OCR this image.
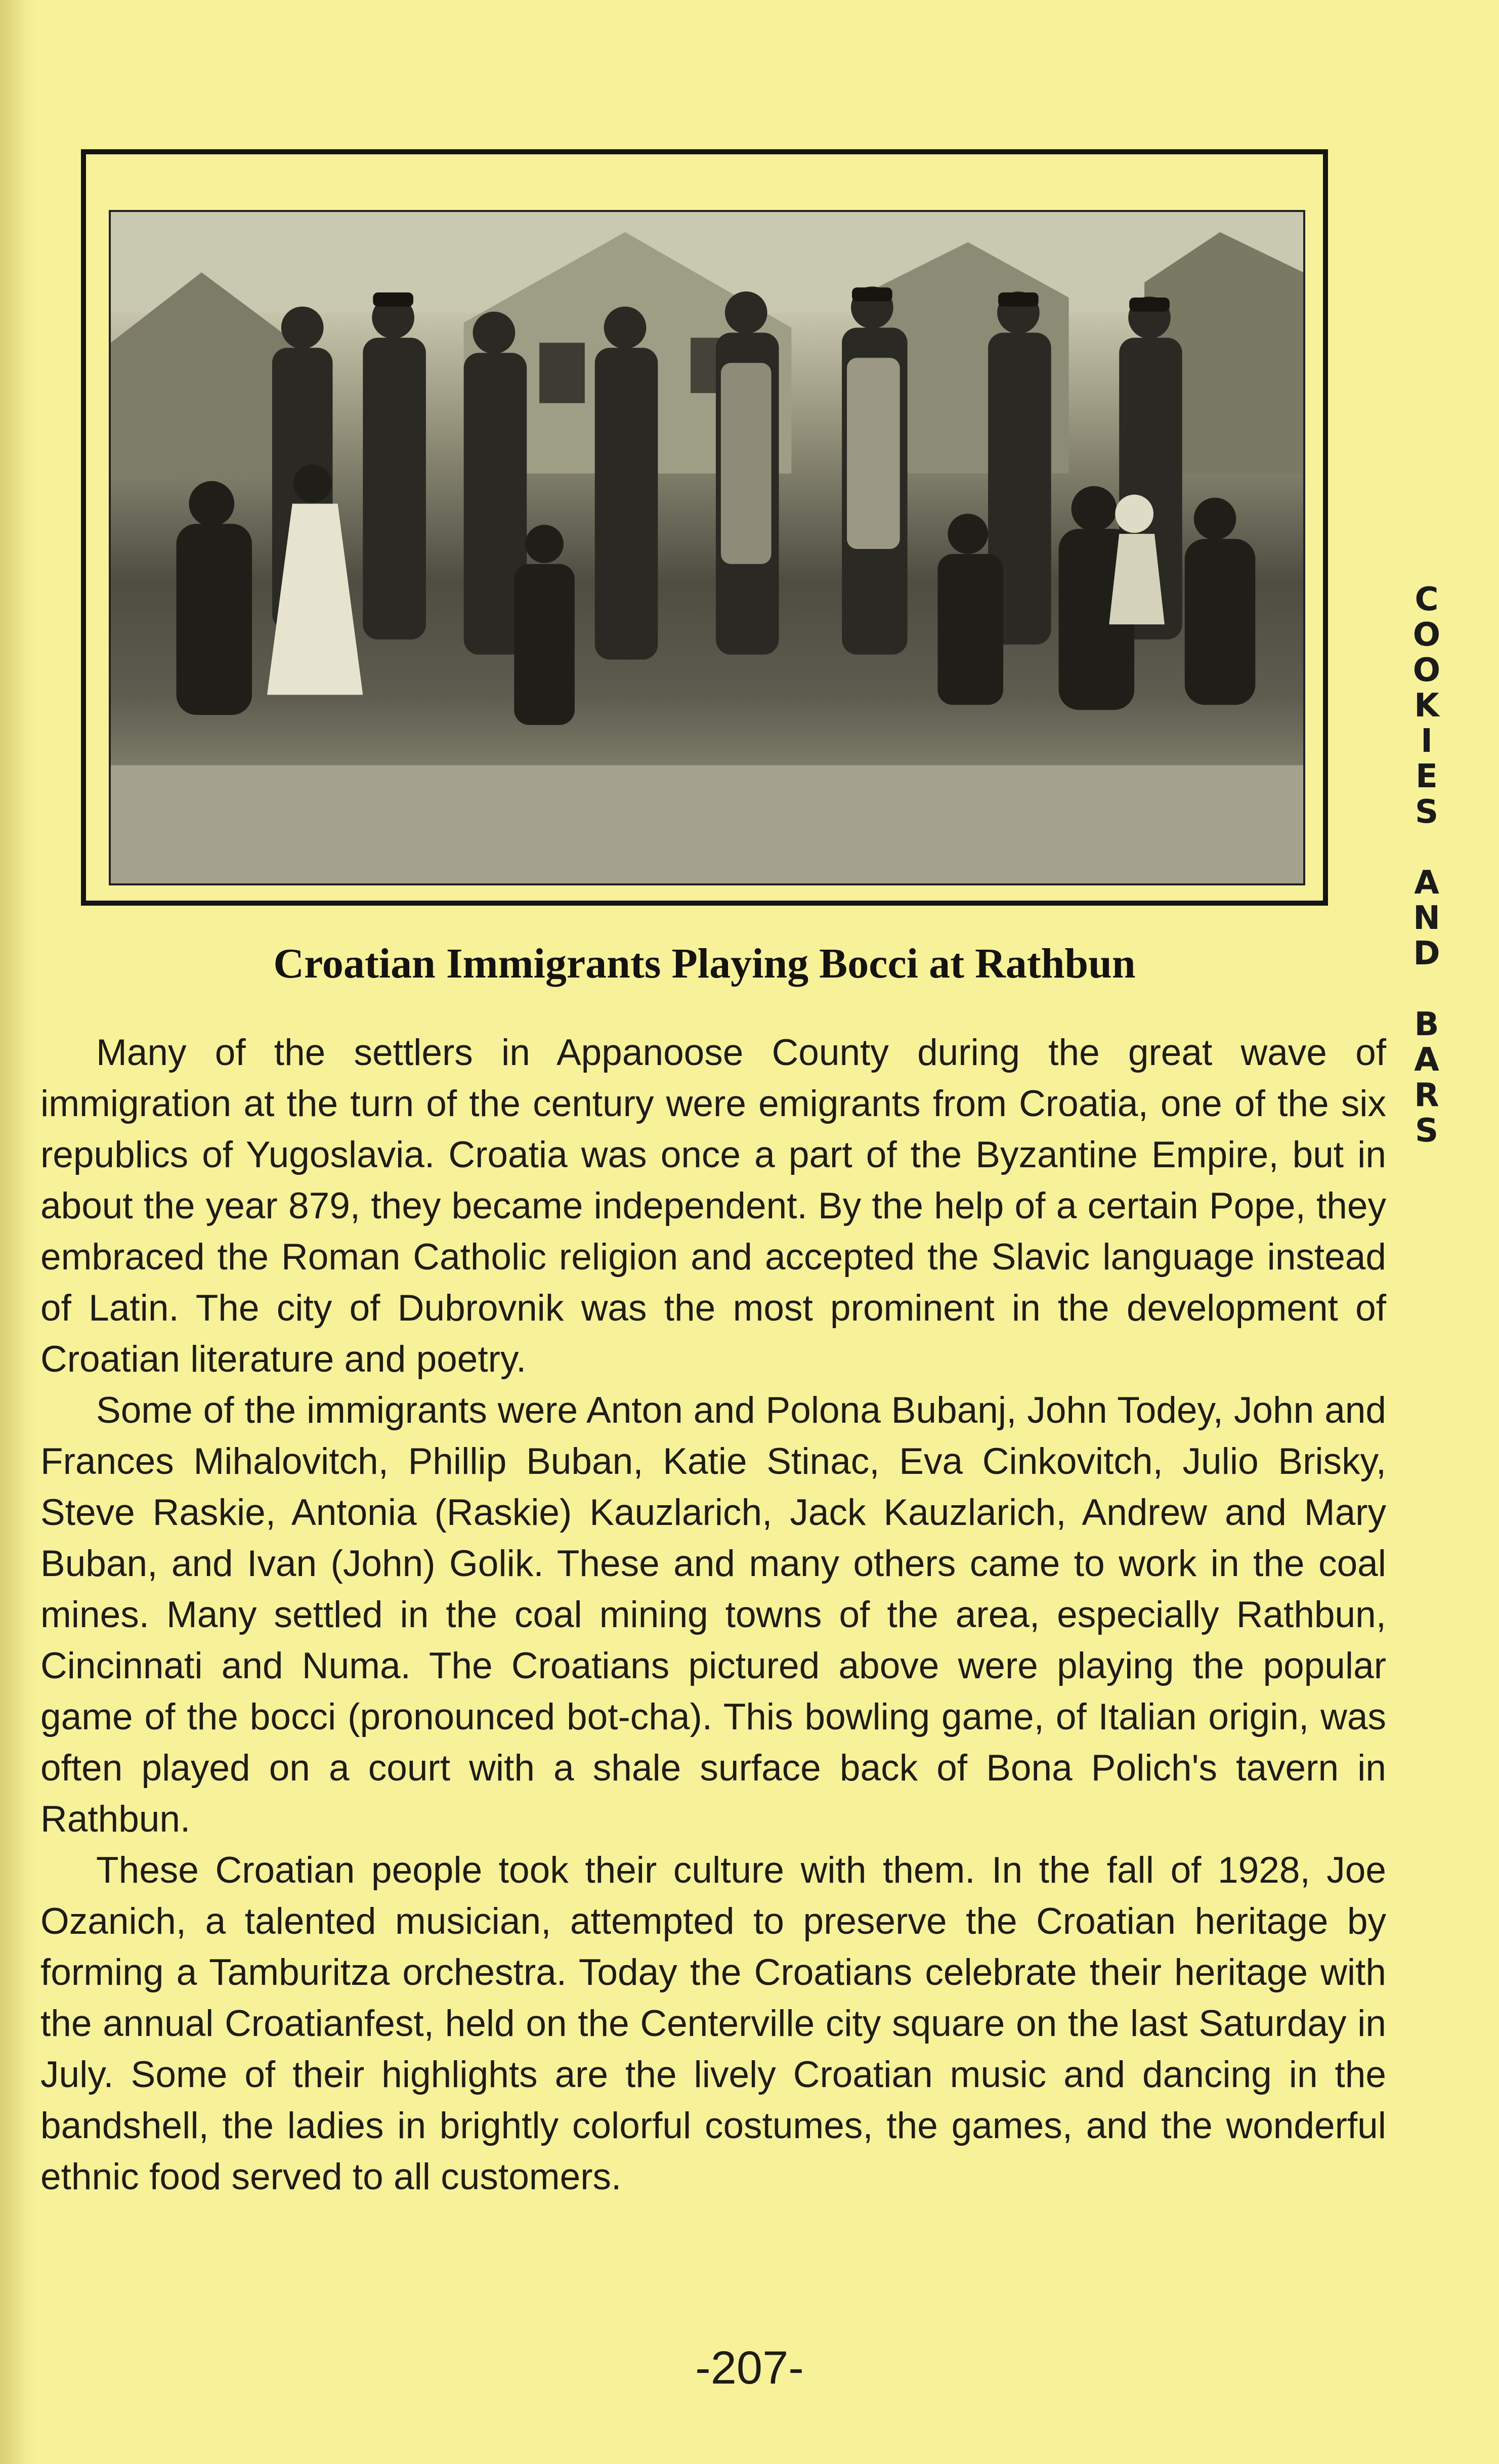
Croatian Immigrants Playing Bocci at Rathbun
C
O
O
K
I
E
S
A
N
D
B
A
R
S

Many of the settlers in Appanoose County during the great wave of immigration at the turn of the century were emigrants from Croatia, one of the six republics of Yugoslavia. Croatia was once a part of the Byzantine Empire, but in about the year 879, they became independent. By the help of a certain Pope, they embraced the Roman Catholic religion and accepted the Slavic language instead of Latin. The city of Dubrovnik was the most prominent in the development of Croatian literature and poetry.

Some of the immigrants were Anton and Polona Bubanj, John Todey, John and Frances Mihalovitch, Phillip Buban, Katie Stinac, Eva Cinkovitch, Julio Brisky, Steve Raskie, Antonia (Raskie) Kauzlarich, Jack Kauzlarich, Andrew and Mary Buban, and Ivan (John) Golik. These and many others came to work in the coal mines. Many settled in the coal mining towns of the area, especially Rathbun, Cincinnati and Numa. The Croatians pictured above were playing the popular game of the bocci (pronounced bot-cha). This bowling game, of Italian origin, was often played on a court with a shale surface back of Bona Polich's tavern in Rathbun.

These Croatian people took their culture with them. In the fall of 1928, Joe Ozanich, a talented musician, attempted to preserve the Croatian heritage by forming a Tamburitza orchestra. Today the Croatians celebrate their heritage with the annual Croatianfest, held on the Centerville city square on the last Saturday in July. Some of their highlights are the lively Croatian music and dancing in the bandshell, the ladies in brightly colorful costumes, the games, and the wonderful ethnic food served to all customers.

-207-
